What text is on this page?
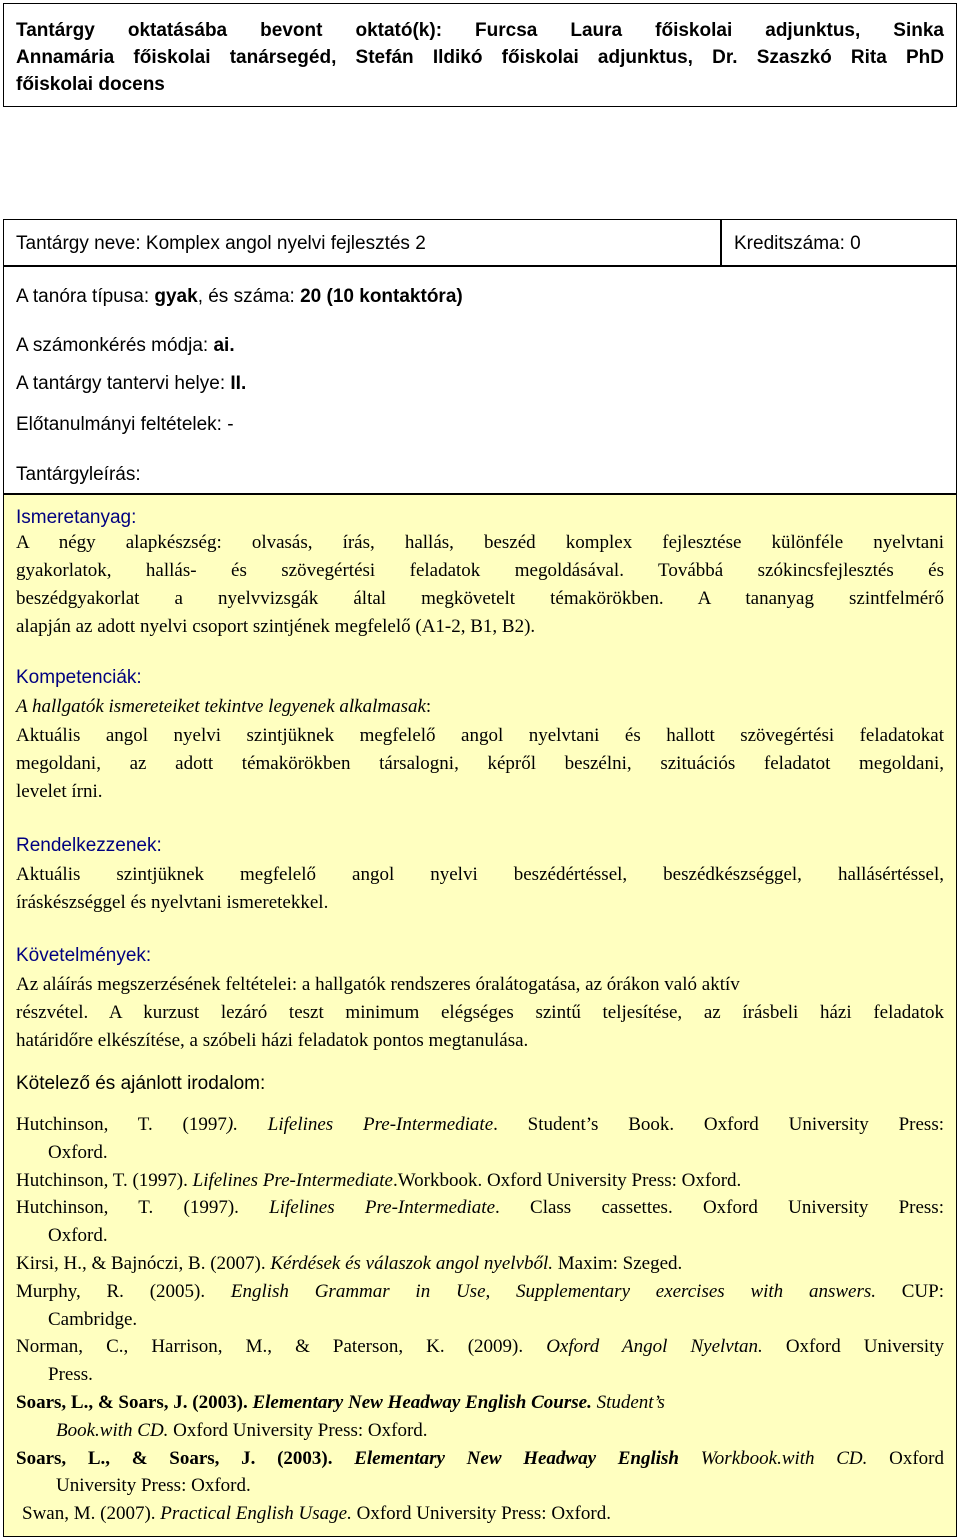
Tantárgy oktatásába bevont oktató(k): Furcsa Laura főiskolai adjunktus, Sinka
Annamária főiskolai tanársegéd, Stefán Ildikó főiskolai adjunktus, Dr. Szaszkó Rita PhD
főiskolai docens
Tantárgy neve: Komplex angol nyelvi fejlesztés 2	Kreditszáma: 0
A tanóra típusa: gyak, és száma: 20 (10 kontaktóra)
A számonkérés módja: ai.
A tantárgy tantervi helye: II.
Előtanulmányi feltételek: -
Tantárgyleírás:
Ismeretanyag:
A négy alapkészség: olvasás, írás, hallás, beszéd komplex fejlesztése különféle nyelvtani
gyakorlatok, hallás- és szövegértési feladatok megoldásával. Továbbá szókincsfejlesztés és
beszédgyakorlat a nyelvvizsgák által megkövetelt témakörökben. A tananyag szintfelmérő
alapján az adott nyelvi csoport szintjének megfelelő (A1-2, B1, B2).
Kompetenciák:
A hallgatók ismereteiket tekintve legyenek alkalmasak:
Aktuális angol nyelvi szintjüknek megfelelő angol nyelvtani és hallott szövegértési feladatokat
megoldani, az adott témakörökben társalogni, képről beszélni, szituációs feladatot megoldani,
levelet írni.
Rendelkezzenek:
Aktuális szintjüknek megfelelő angol nyelvi beszédértéssel, beszédkészséggel, hallásértéssel,
íráskészséggel és nyelvtani ismeretekkel.
Követelmények:
Az aláírás megszerzésének feltételei: a hallgatók rendszeres óralátogatása, az órákon való aktív
részvétel. A kurzust lezáró teszt minimum elégséges szintű teljesítése, az írásbeli házi feladatok
határidőre elkészítése, a szóbeli házi feladatok pontos megtanulása.
Kötelező és ajánlott irodalom:
Hutchinson, T. (1997). Lifelines Pre-Intermediate. Student’s Book. Oxford University Press:
Oxford.
Hutchinson, T. (1997). Lifelines Pre-Intermediate.Workbook. Oxford University Press: Oxford.
Hutchinson, T. (1997). Lifelines Pre-Intermediate. Class cassettes. Oxford University Press:
Oxford.
Kirsi, H., & Bajnóczi, B. (2007). Kérdések és válaszok angol nyelvből. Maxim: Szeged.
Murphy, R. (2005). English Grammar in Use, Supplementary exercises with answers. CUP:
Cambridge.
Norman, C., Harrison, M., & Paterson, K. (2009). Oxford Angol Nyelvtan. Oxford University
Press.
Soars, L., & Soars, J. (2003). Elementary New Headway English Course. Student’s
Book.with CD. Oxford University Press: Oxford.
Soars, L., & Soars, J. (2003). Elementary New Headway English Workbook.with CD. Oxford
University Press: Oxford.
Swan, M. (2007). Practical English Usage. Oxford University Press: Oxford.
